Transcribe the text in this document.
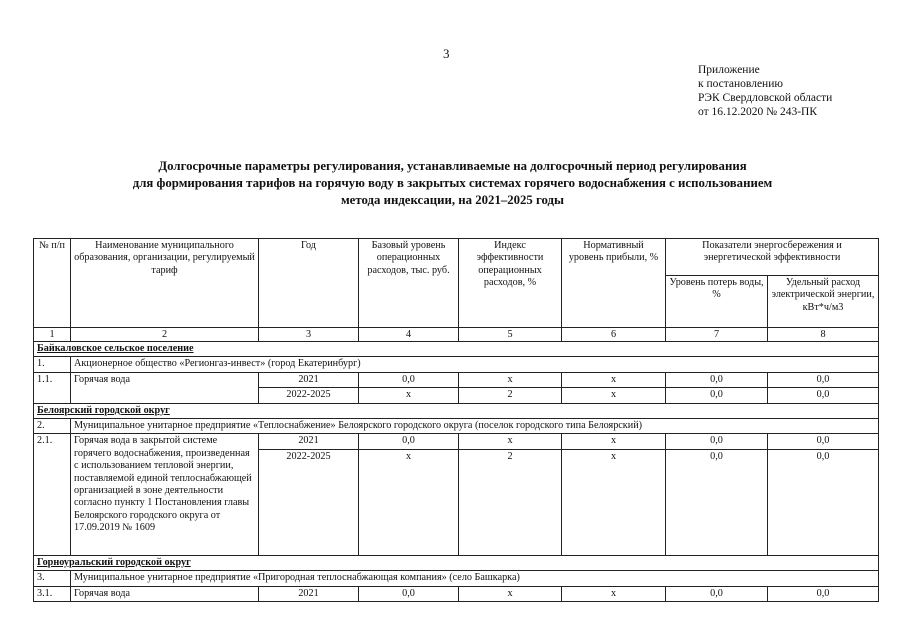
3
Приложение
к постановлению
РЭК Свердловской области
от 16.12.2020 № 243-ПК
Долгосрочные параметры регулирования, устанавливаемые на долгосрочный период регулирования
для формирования тарифов на горячую воду в закрытых системах горячего водоснабжения с использованием
метода индексации, на 2021–2025 годы
№ п/п	Наименование муниципального образования, организации, регулируемый тариф	Год	Базовый уровень операционных расходов, тыс. руб.	Индекс эффективности операционных расходов, %	Нормативный уровень прибыли, %	Показатели энергосбережения и энергетической эффективности	
						Уровень потерь воды, %	Удельный расход электрической энергии, кВт*ч/м3
1	2	3	4	5	6	7	8
Байкаловское сельское поселение							
1.	Акционерное общество «Регионгаз-инвест» (город Екатеринбург)						
1.1.	Горячая вода	2021	0,0	x	x	0,0	0,0
		2022-2025	x	2	x	0,0	0,0
Белоярский городской округ							
2.	Муниципальное унитарное предприятие «Теплоснабжение» Белоярского городского округа (поселок городского типа Белоярский)						
2.1.	Горячая вода в закрытой системе горячего водоснабжения, произведенная с использованием тепловой энергии, поставляемой единой теплоснабжающей организацией в зоне деятельности согласно пункту 1 Постановления главы Белоярского городского округа от 17.09.2019 № 1609	2021	0,0	x	x	0,0	0,0
		2022-2025	x	2	x	0,0	0,0
Горноуральский городской округ							
3.	Муниципальное унитарное предприятие «Пригородная теплоснабжающая компания» (село Башкарка)						
3.1.	Горячая вода	2021	0,0	x	x	0,0	0,0
